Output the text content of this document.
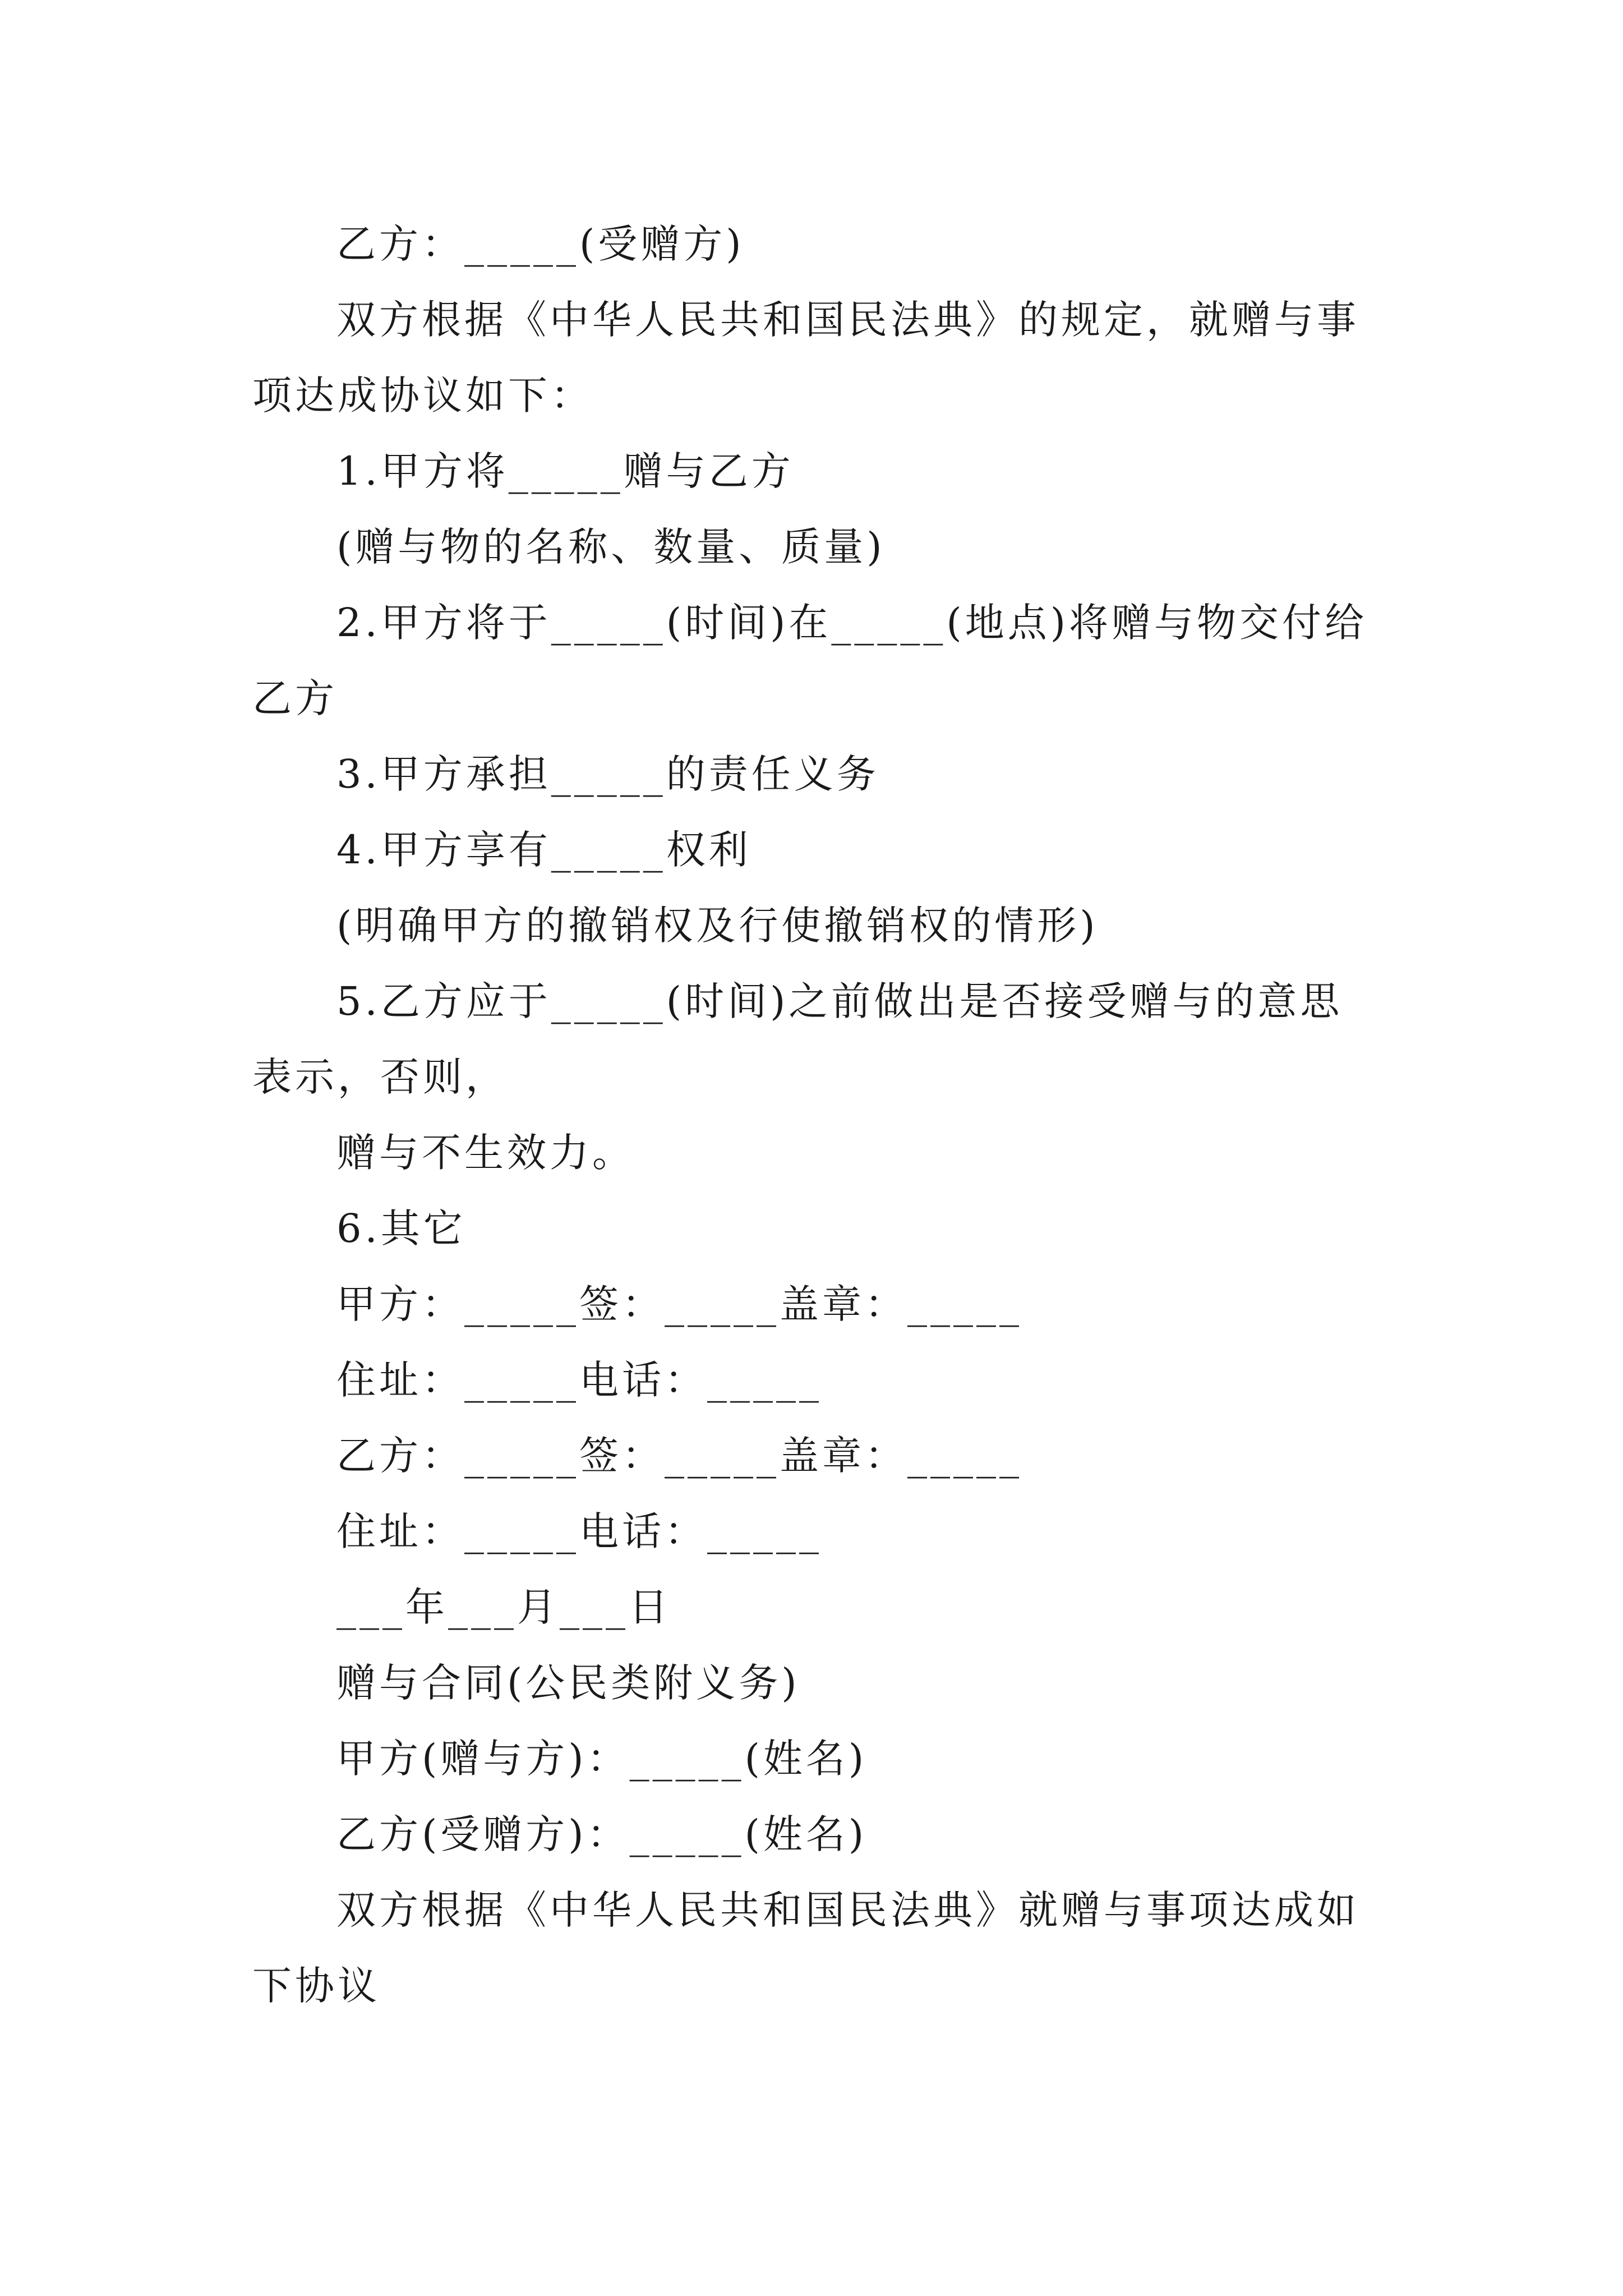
乙方：_____(受赠方)
双方根据《中华人民共和国民法典》的规定，就赠与事
项达成协议如下：
1.甲方将_____赠与乙方
(赠与物的名称、数量、质量)
2.甲方将于_____(时间)在_____(地点)将赠与物交付给
乙方
3.甲方承担_____的责任义务
4.甲方享有_____权利
(明确甲方的撤销权及行使撤销权的情形)
5.乙方应于_____(时间)之前做出是否接受赠与的意思
表示，否则，
赠与不生效力。
6.其它
甲方：_____签：_____盖章：_____
住址：_____电话：_____
乙方：_____签：_____盖章：_____
住址：_____电话：_____
___年___月___日
赠与合同(公民类附义务)
甲方(赠与方)：_____(姓名)
乙方(受赠方)：_____(姓名)
双方根据《中华人民共和国民法典》就赠与事项达成如
下协议
